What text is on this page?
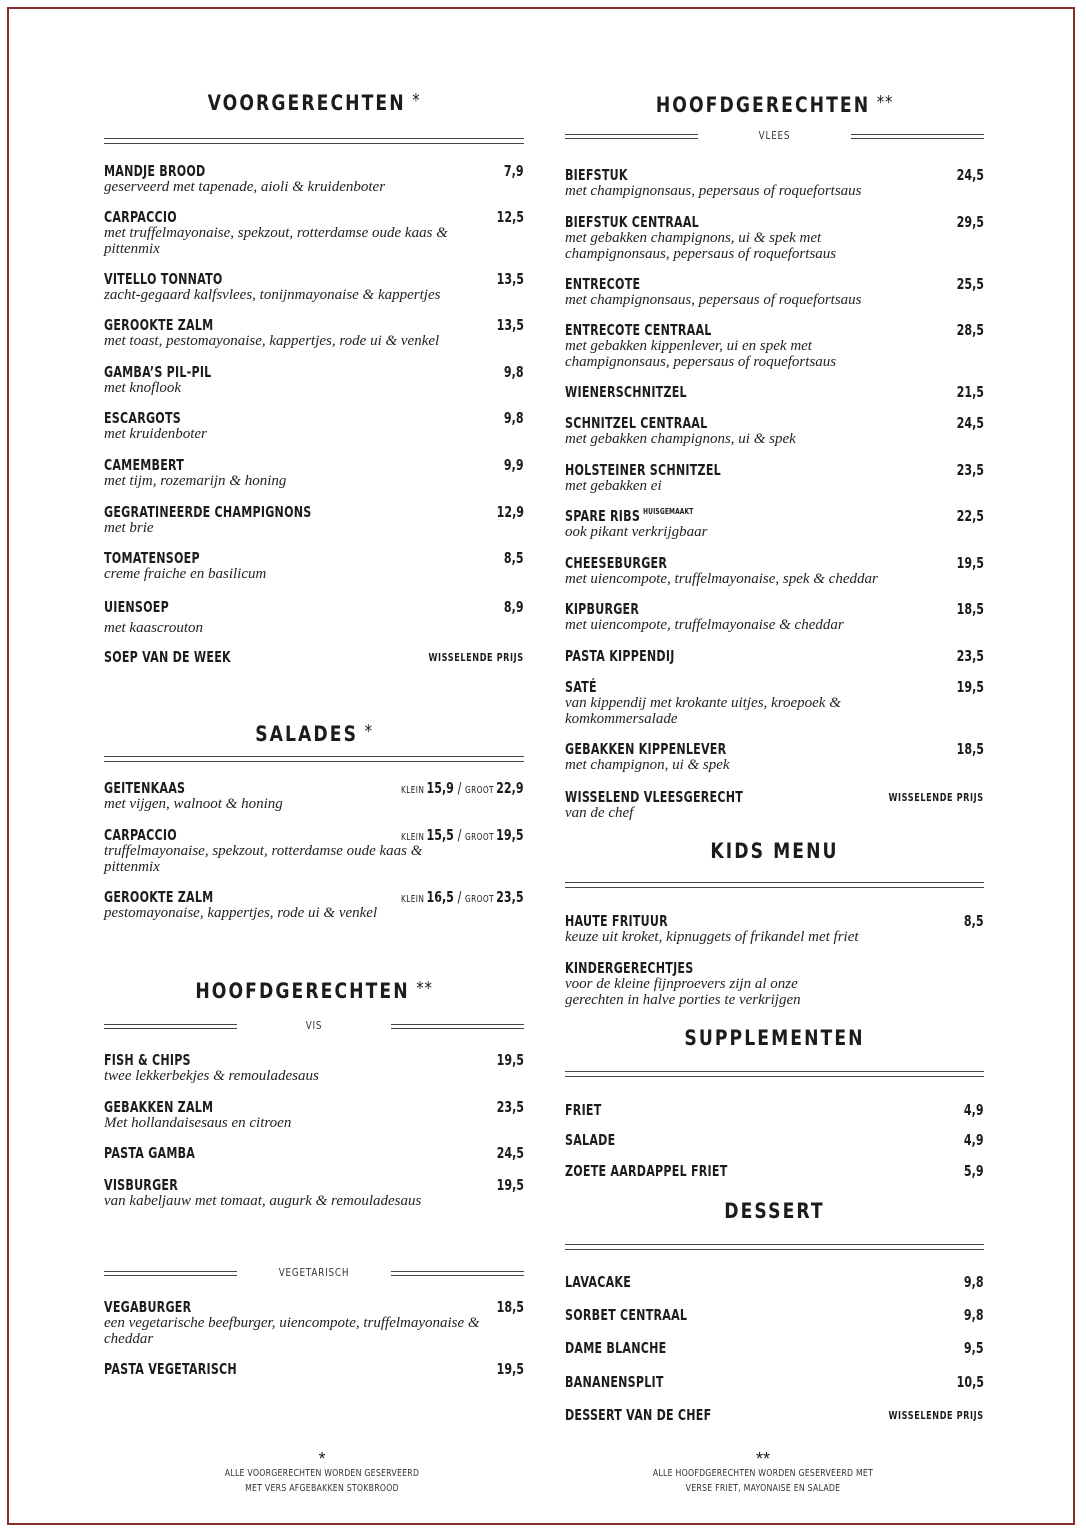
VOORGERECHTEN *
MANDJE BROOD	7,9
geserveerd met tapenade, aioli & kruidenboter
CARPACCIO	12,5
met truffelmayonaise, spekzout, rotterdamse oude kaas & pittenmix
VITELLO TONNATO	13,5
zacht-gegaard kalfsvlees, tonijnmayonaise & kappertjes
GEROOKTE ZALM	13,5
met toast, pestomayonaise, kappertjes, rode ui & venkel
GAMBA’S PIL-PIL	9,8
met knoflook
ESCARGOTS	9,8
met kruidenboter
CAMEMBERT	9,9
met tijm, rozemarijn & honing
GEGRATINEERDE CHAMPIGNONS	12,9
met brie
TOMATENSOEP	8,5
creme fraiche en basilicum
UIENSOEP	8,9
met kaascrouton
SOEP VAN DE WEEK	WISSELENDE PRIJS
SALADES *
GEITENKAAS	KLEIN 15,9 / GROOT 22,9
met vijgen, walnoot & honing
CARPACCIO	KLEIN 15,5 / GROOT 19,5
truffelmayonaise, spekzout, rotterdamse oude kaas & pittenmix
GEROOKTE ZALM	KLEIN 16,5 / GROOT 23,5
pestomayonaise, kappertjes, rode ui & venkel
HOOFDGERECHTEN **
VIS
FISH & CHIPS	19,5
twee lekkerbekjes & remouladesaus
GEBAKKEN ZALM	23,5
Met hollandaisesaus en citroen
PASTA GAMBA	24,5
VISBURGER	19,5
van kabeljauw met tomaat, augurk & remouladesaus
VEGETARISCH
VEGABURGER	18,5
een vegetarische beefburger, uiencompote, truffelmayonaise & cheddar
PASTA VEGETARISCH	19,5
*
ALLE VOORGERECHTEN WORDEN GESERVEERD
MET VERS AFGEBAKKEN STOKBROOD
HOOFDGERECHTEN **
VLEES
BIEFSTUK	24,5
met champignonsaus, pepersaus of roquefortsaus
BIEFSTUK CENTRAAL	29,5
met gebakken champignons, ui & spek met champignonsaus, pepersaus of roquefortsaus
ENTRECOTE	25,5
met champignonsaus, pepersaus of roquefortsaus
ENTRECOTE CENTRAAL	28,5
met gebakken kippenlever, ui en spek met champignonsaus, pepersaus of roquefortsaus
WIENERSCHNITZEL	21,5
SCHNITZEL CENTRAAL	24,5
met gebakken champignons, ui & spek
HOLSTEINER SCHNITZEL	23,5
met gebakken ei
SPARE RIBS $^{HUISGEMAAKT}$	22,5
ook pikant verkrijgbaar
CHEESEBURGER	19,5
met uiencompote, truffelmayonaise, spek & cheddar
KIPBURGER	18,5
met uiencompote, truffelmayonaise & cheddar
PASTA KIPPENDIJ	23,5
SATÉ	19,5
van kippendij met krokante uitjes, kroepoek & komkommersalade
GEBAKKEN KIPPENLEVER	18,5
met champignon, ui & spek
WISSELEND VLEESGERECHT	WISSELENDE PRIJS
van de chef
KIDS MENU
HAUTE FRITUUR	8,5
keuze uit kroket, kipnuggets of frikandel met friet
KINDERGERECHTJES
voor de kleine fijnproevers zijn al onze gerechten in halve porties te verkrijgen
SUPPLEMENTEN
FRIET	4,9
SALADE	4,9
ZOETE AARDAPPEL FRIET	5,9
DESSERT
LAVACAKE	9,8
SORBET CENTRAAL	9,8
DAME BLANCHE	9,5
BANANENSPLIT	10,5
DESSERT VAN DE CHEF	WISSELENDE PRIJS
**
ALLE HOOFDGERECHTEN WORDEN GESERVEERD MET
VERSE FRIET, MAYONAISE EN SALADE
